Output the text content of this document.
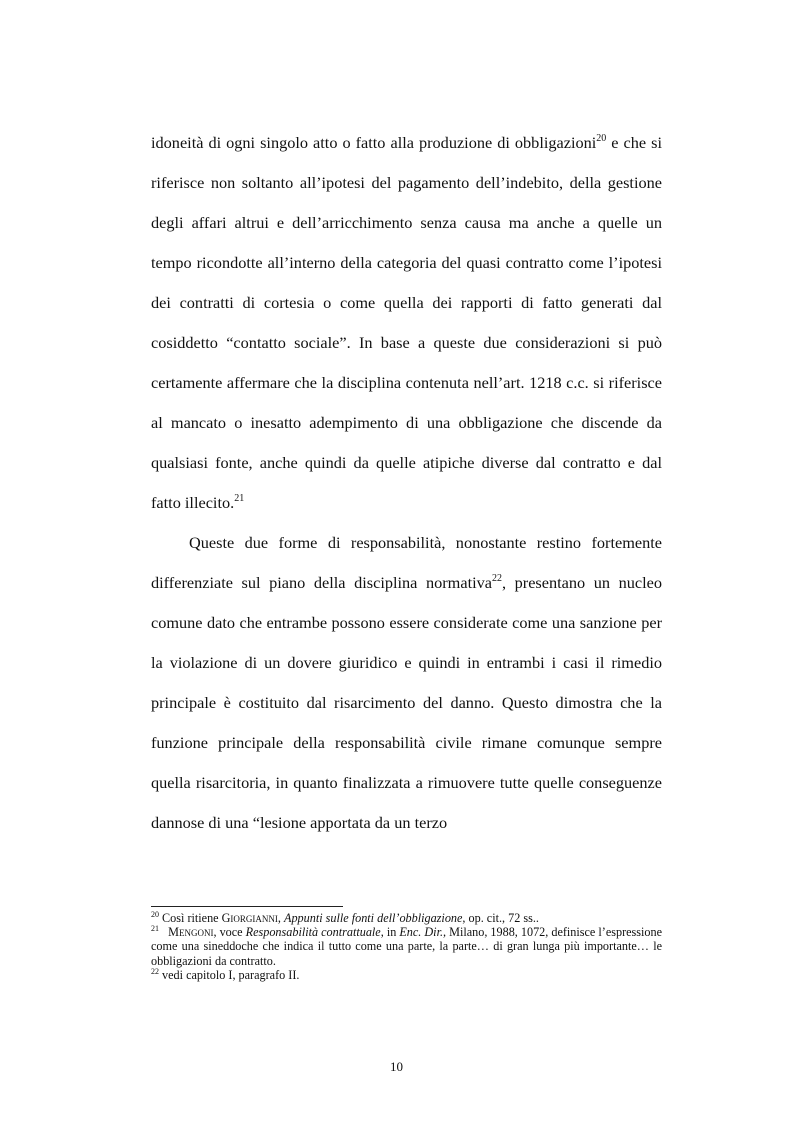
idoneità di ogni singolo atto o fatto alla produzione di obbligazioni$^{20}$ e che si riferisce non soltanto all’ipotesi del pagamento dell’indebito, della gestione degli affari altrui e dell’arricchimento senza causa ma anche a quelle un tempo ricondotte all’interno della categoria del quasi contratto come l’ipotesi dei contratti di cortesia o come quella dei rapporti di fatto generati dal cosiddetto “contatto sociale”. In base a queste due considerazioni si può certamente affermare che la disciplina contenuta nell’art. 1218 c.c. si riferisce al mancato o inesatto adempimento di una obbligazione che discende da qualsiasi fonte, anche quindi da quelle atipiche diverse dal contratto e dal fatto illecito.$^{21}$

Queste due forme di responsabilità, nonostante restino fortemente differenziate sul piano della disciplina normativa$^{22}$, presentano un nucleo comune dato che entrambe possono essere considerate come una sanzione per la violazione di un dovere giuridico e quindi in entrambi i casi il rimedio principale è costituito dal risarcimento del danno. Questo dimostra che la funzione principale della responsabilità civile rimane comunque sempre quella risarcitoria, in quanto finalizzata a rimuovere tutte quelle conseguenze dannose di una “lesione apportata da un terzo

$^{20}$ Così ritiene Giorgianni, Appunti sulle fonti dell’obbligazione, op. cit., 72 ss..

$^{21}$ Mengoni, voce Responsabilità contrattuale, in Enc. Dir., Milano, 1988, 1072, definisce l’espressione come una sineddoche che indica il tutto come una parte, la parte… di gran lunga più importante… le obbligazioni da contratto.

$^{22}$ vedi capitolo I, paragrafo II.

10
